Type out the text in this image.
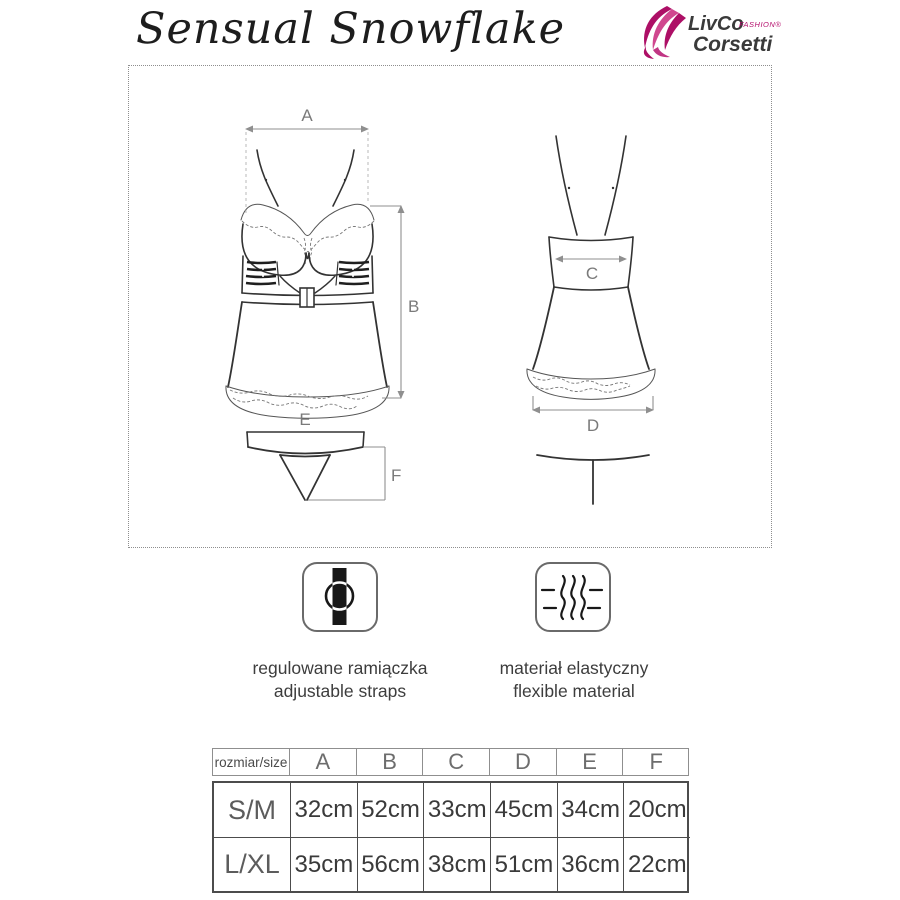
Sensual Snowflake	LivCo
FASHION®
Corsetti
A
B
E
F
C
D
regulowane ramiączka
adjustable straps
materiał elastyczny
flexible material
rozmiar/size	A	B	C	D	E	F
S/M 32cm 52cm 33cm 45cm 34cm 20cm
L/XL 35cm 56cm 38cm 51cm 36cm 22cm
